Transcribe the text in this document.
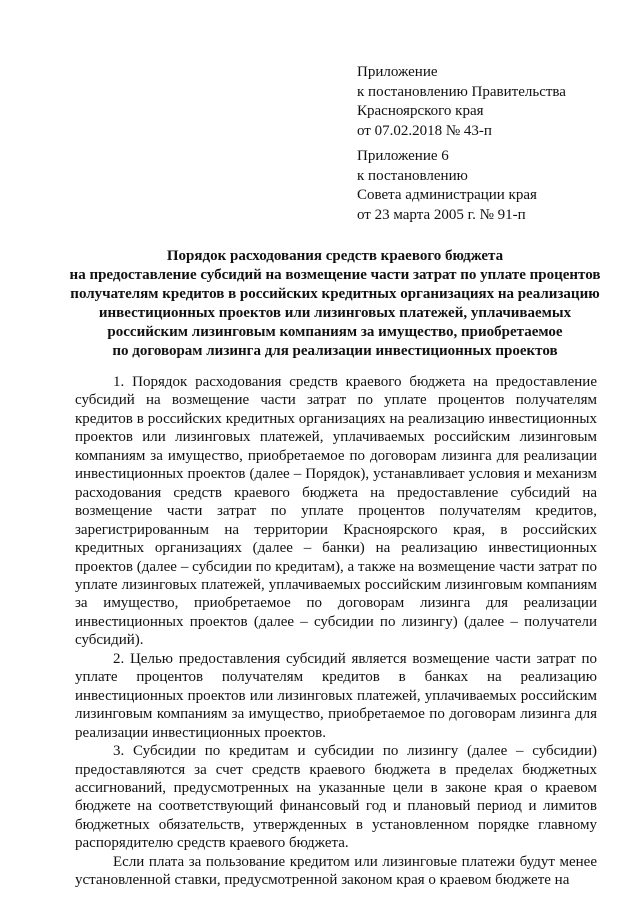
Приложение
к постановлению Правительства
Красноярского края
от 07.02.2018 № 43-п
Приложение 6
к постановлению
Совета администрации края
от 23 марта 2005 г. № 91-п
Порядок расходования средств краевого бюджета
на предоставление субсидий на возмещение части затрат по уплате процентов
получателям кредитов в российских кредитных организациях на реализацию
инвестиционных проектов или лизинговых платежей, уплачиваемых
российским лизинговым компаниям за имущество, приобретаемое
по договорам лизинга для реализации инвестиционных проектов

1. Порядок расходования средств краевого бюджета на предоставление субсидий на возмещение части затрат по уплате процентов получателям кредитов в российских кредитных организациях на реализацию инвестиционных проектов или лизинговых платежей, уплачиваемых российским лизинговым компаниям за имущество, приобретаемое по договорам лизинга для реализации инвестиционных проектов (далее – Порядок), устанавливает условия и механизм расходования средств краевого бюджета на предоставление субсидий на возмещение части затрат по уплате процентов получателям кредитов, зарегистрированным на территории Красноярского края, в российских кредитных организациях (далее – банки) на реализацию инвестиционных проектов (далее – субсидии по кредитам), а также на возмещение части затрат по уплате лизинговых платежей, уплачиваемых российским лизинговым компаниям за имущество, приобретаемое по договорам лизинга для реализации инвестиционных проектов (далее – субсидии по лизингу) (далее – получатели субсидий).

2. Целью предоставления субсидий является возмещение части затрат по уплате процентов получателям кредитов в банках на реализацию инвестиционных проектов или лизинговых платежей, уплачиваемых российским лизинговым компаниям за имущество, приобретаемое по договорам лизинга для реализации инвестиционных проектов.

3. Субсидии по кредитам и субсидии по лизингу (далее – субсидии) предоставляются за счет средств краевого бюджета в пределах бюджетных ассигнований, предусмотренных на указанные цели в законе края о краевом бюджете на соответствующий финансовый год и плановый период и лимитов бюджетных обязательств, утвержденных в установленном порядке главному распорядителю средств краевого бюджета.

Если плата за пользование кредитом или лизинговые платежи будут менее установленной ставки, предусмотренной законом края о краевом бюджете на
